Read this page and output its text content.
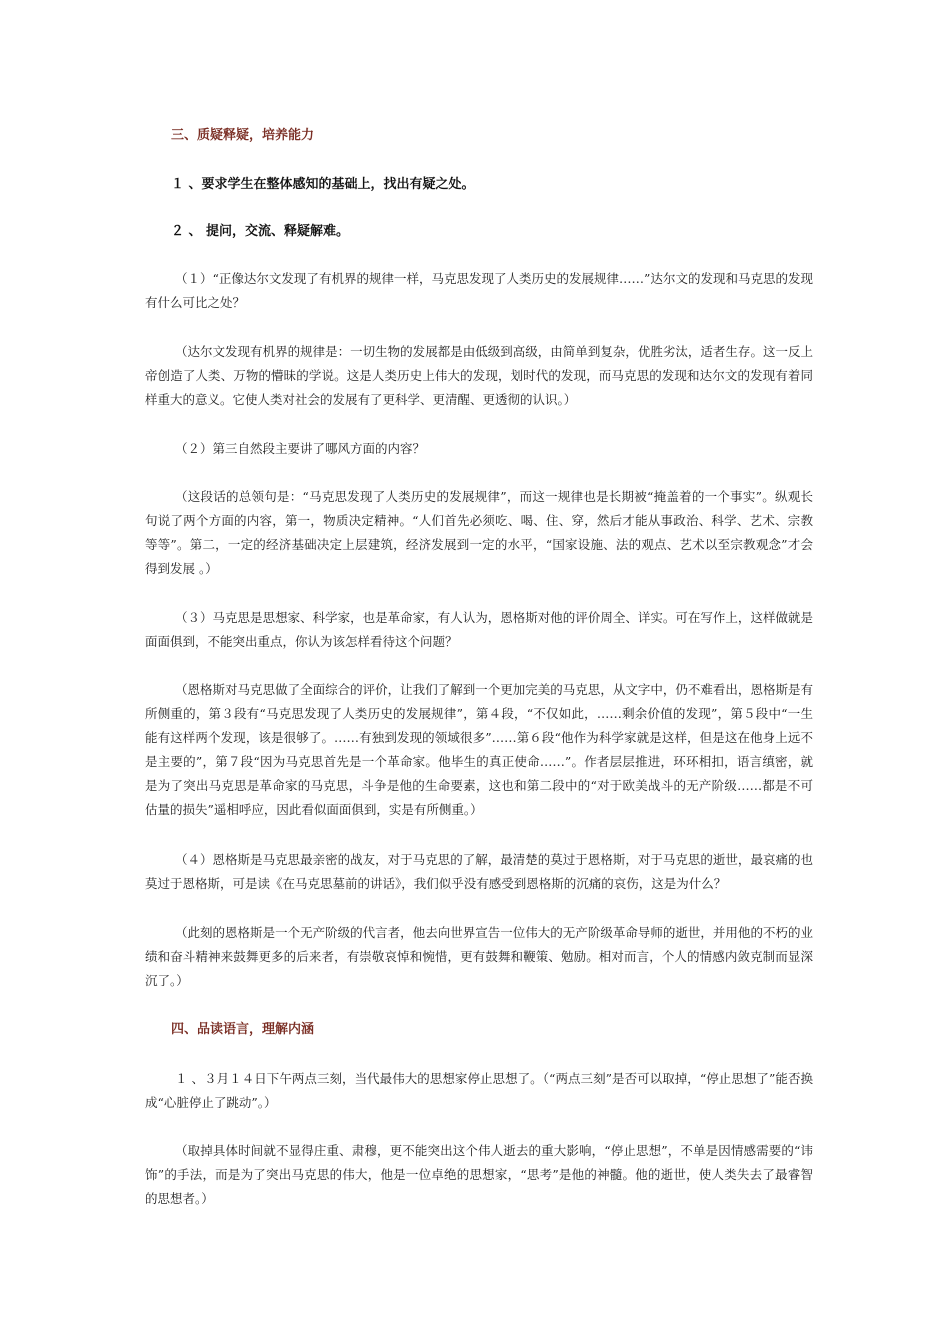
三、质疑释疑，培养能力

１ 、要求学生在整体感知的基础上，找出有疑之处。

２ 、 提问，交流、释疑解难。

（１）“正像达尔文发现了有机界的规律一样，马克思发现了人类历史的发展规律……”达尔文的发现和马克思的发现有什么可比之处？

（达尔文发现有机界的规律是：一切生物的发展都是由低级到高级，由简单到复杂，优胜劣汰，适者生存。这一反上帝创造了人类、万物的懵昧的学说。这是人类历史上伟大的发现，划时代的发现，而马克思的发现和达尔文的发现有着同样重大的意义。它使人类对社会的发展有了更科学、更清醒、更透彻的认识。）

（２）第三自然段主要讲了哪风方面的内容？

（这段话的总领句是：“马克思发现了人类历史的发展规律”，而这一规律也是长期被“掩盖着的一个事实”。纵观长句说了两个方面的内容，第一，物质决定精神。“人们首先必须吃、喝、住、穿，然后才能从事政治、科学、艺术、宗教等等”。第二，一定的经济基础决定上层建筑，经济发展到一定的水平，“国家设施、法的观点、艺术以至宗教观念”才会得到发展 。）

（３）马克思是思想家、科学家，也是革命家，有人认为，恩格斯对他的评价周全、详实。可在写作上，这样做就是面面俱到，不能突出重点，你认为该怎样看待这个问题？

（恩格斯对马克思做了全面综合的评价，让我们了解到一个更加完美的马克思，从文字中，仍不难看出，恩格斯是有所侧重的，第３段有“马克思发现了人类历史的发展规律”，第４段，“不仅如此，……剩余价值的发现”，第５段中“一生能有这样两个发现，该是很够了。……有独到发现的领域很多”……第６段“他作为科学家就是这样，但是这在他身上远不是主要的”，第７段“因为马克思首先是一个革命家。他毕生的真正使命……”。作者层层推进，环环相扣，语言缜密，就是为了突出马克思是革命家的马克思，斗争是他的生命要素，这也和第二段中的“对于欧美战斗的无产阶级……都是不可估量的损失”遥相呼应，因此看似面面俱到，实是有所侧重。）

（４）恩格斯是马克思最亲密的战友，对于马克思的了解，最清楚的莫过于恩格斯，对于马克思的逝世，最哀痛的也莫过于恩格斯，可是读《在马克思墓前的讲话》，我们似乎没有感受到恩格斯的沉痛的哀伤，这是为什么？

（此刻的恩格斯是一个无产阶级的代言者，他去向世界宣告一位伟大的无产阶级革命导师的逝世，并用他的不朽的业绩和奋斗精神来鼓舞更多的后来者，有崇敬哀悼和惋惜，更有鼓舞和鞭策、勉励。相对而言，个人的情感内敛克制而显深沉了。）

四、品读语言，理解内涵

１ 、３月１４日下午两点三刻，当代最伟大的思想家停止思想了。（“两点三刻”是否可以取掉，“停止思想了”能否换成“心脏停止了跳动”。）

（取掉具体时间就不显得庄重、肃穆，更不能突出这个伟人逝去的重大影响，“停止思想”，不单是因情感需要的“讳饰”的手法，而是为了突出马克思的伟大，他是一位卓绝的思想家，“思考”是他的神髓。他的逝世，使人类失去了最睿智的思想者。）
